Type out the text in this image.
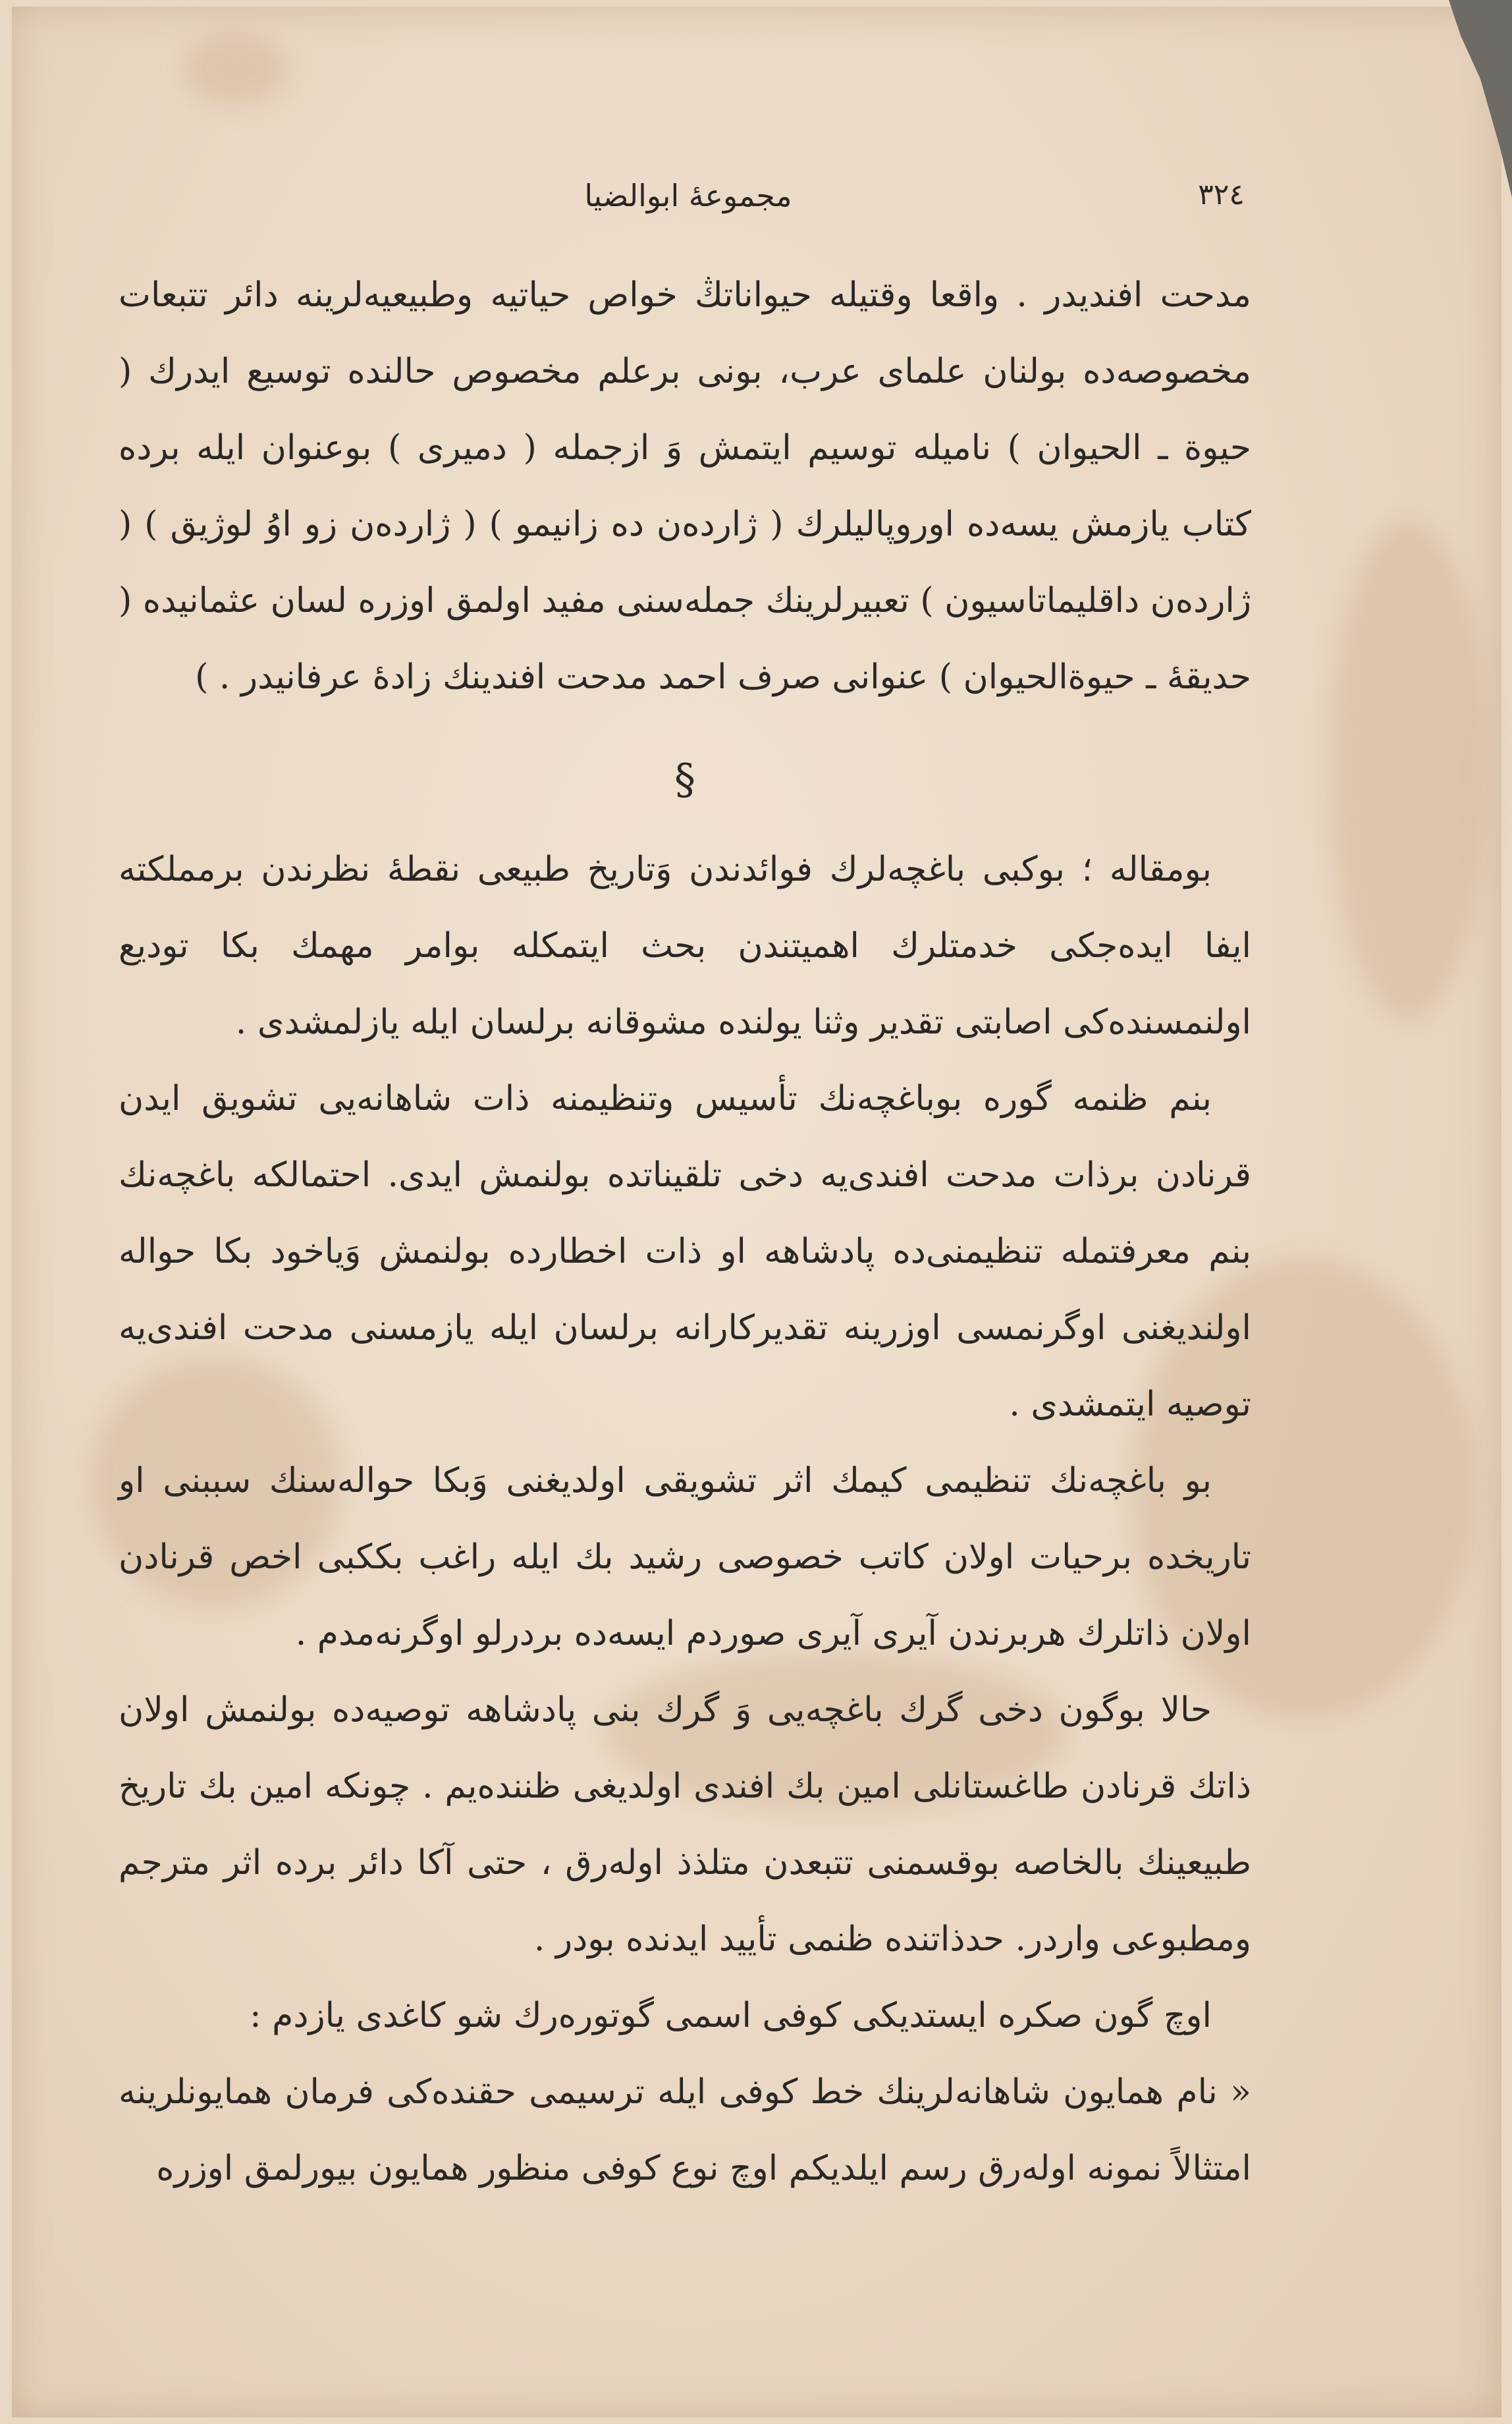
٣٢٤
مجموعهٔ ابوالضیا

مدحت افندیدر . واقعا وقتیله حیواناتڭ خواص حیاتیه وطبیعیه‌لرینه دائر تتبعات مخصوصه‌ده بولنان علمای عرب، بونی برعلم مخصوص حالنده توسیع ایدرك ( حیوة ـ الحیوان ) نامیله توسیم ایتمش وَ ازجمله ( دمیری ) بوعنوان ایله برده کتاب یازمش یسه‌ده اوروپالیلرك ( ژارده‌ن ده زانیمو ) ( ژارده‌ن زو اوُ لوژیق ) ( ژارده‌ن داقلیماتاسیون ) تعبیرلرینك جمله‌سنی مفید اولمق اوزره لسان عثمانیده ( حدیقهٔ ـ حیوة‌الحیوان ) عنوانی صرف احمد مدحت افندینك زادهٔ عرفانیدر . )

§

بومقاله ؛ بوکبی باغچه‌لرك فوائدندن وَتاریخ طبیعی نقطهٔ نظرندن برمملکته ایفا ایده‌جکی خدمتلرك اهمیتندن بحث ایتمکله بوامر مهمك بکا تودیع اولنمسنده‌کی اصابتی تقدیر وثنا یولنده مشوقانه برلسان ایله یازلمشدی .

بنم ظنمه گوره بوباغچه‌نك تأسیس وتنظیمنه ذات شاهانه‌یی تشویق ایدن قرنادن برذات مدحت افندی‌یه دخی تلقیناتده بولنمش ایدی. احتمالکه باغچه‌نك بنم معرفتمله تنظیمنی‌ده پادشاهه او ذات اخطارده بولنمش وَیاخود بکا حواله اولندیغنی اوگرنمسی اوزرینه تقدیرکارانه برلسان ایله یازمسنی مدحت افندی‌یه توصیه ایتمشدی .

بو باغچه‌نك تنظیمی کیمك اثر تشویقی اولدیغنی وَبکا حواله‌سنك سببنی او تاریخده برحیات اولان کاتب خصوصی رشید بك ایله راغب بككبی اخص قرنادن اولان ذاتلرك هربرندن آیری آیری صوردم ایسه‌ده بردرلو اوگرنه‌مدم .

حالا بوگون دخی گرك باغچه‌یی وَ گرك بنی پادشاهه توصیه‌ده بولنمش اولان ذاتك قرنادن طاغستانلی امین بك افندی اولدیغی ظننده‌یم . چونکه امین بك تاریخ طبیعینك بالخاصه بوقسمنی تتبعدن متلذذ اوله‌رق ، حتی آکا دائر برده اثر مترجم ومطبوعی واردر. حدذاتنده ظنمی تأیید ایدنده بودر .

اوچ گون صکره ایستدیکی کوفی اسمی گوتوره‌رك شو کاغدی یازدم :

« نام همایون شاهانه‌لرینك خط کوفی ایله ترسیمی حقنده‌کی فرمان همایونلرینه امتثالاً نمونه اوله‌رق رسم ایلدیکم اوچ نوع کوفی منظور همایون بیورلمق اوزره
